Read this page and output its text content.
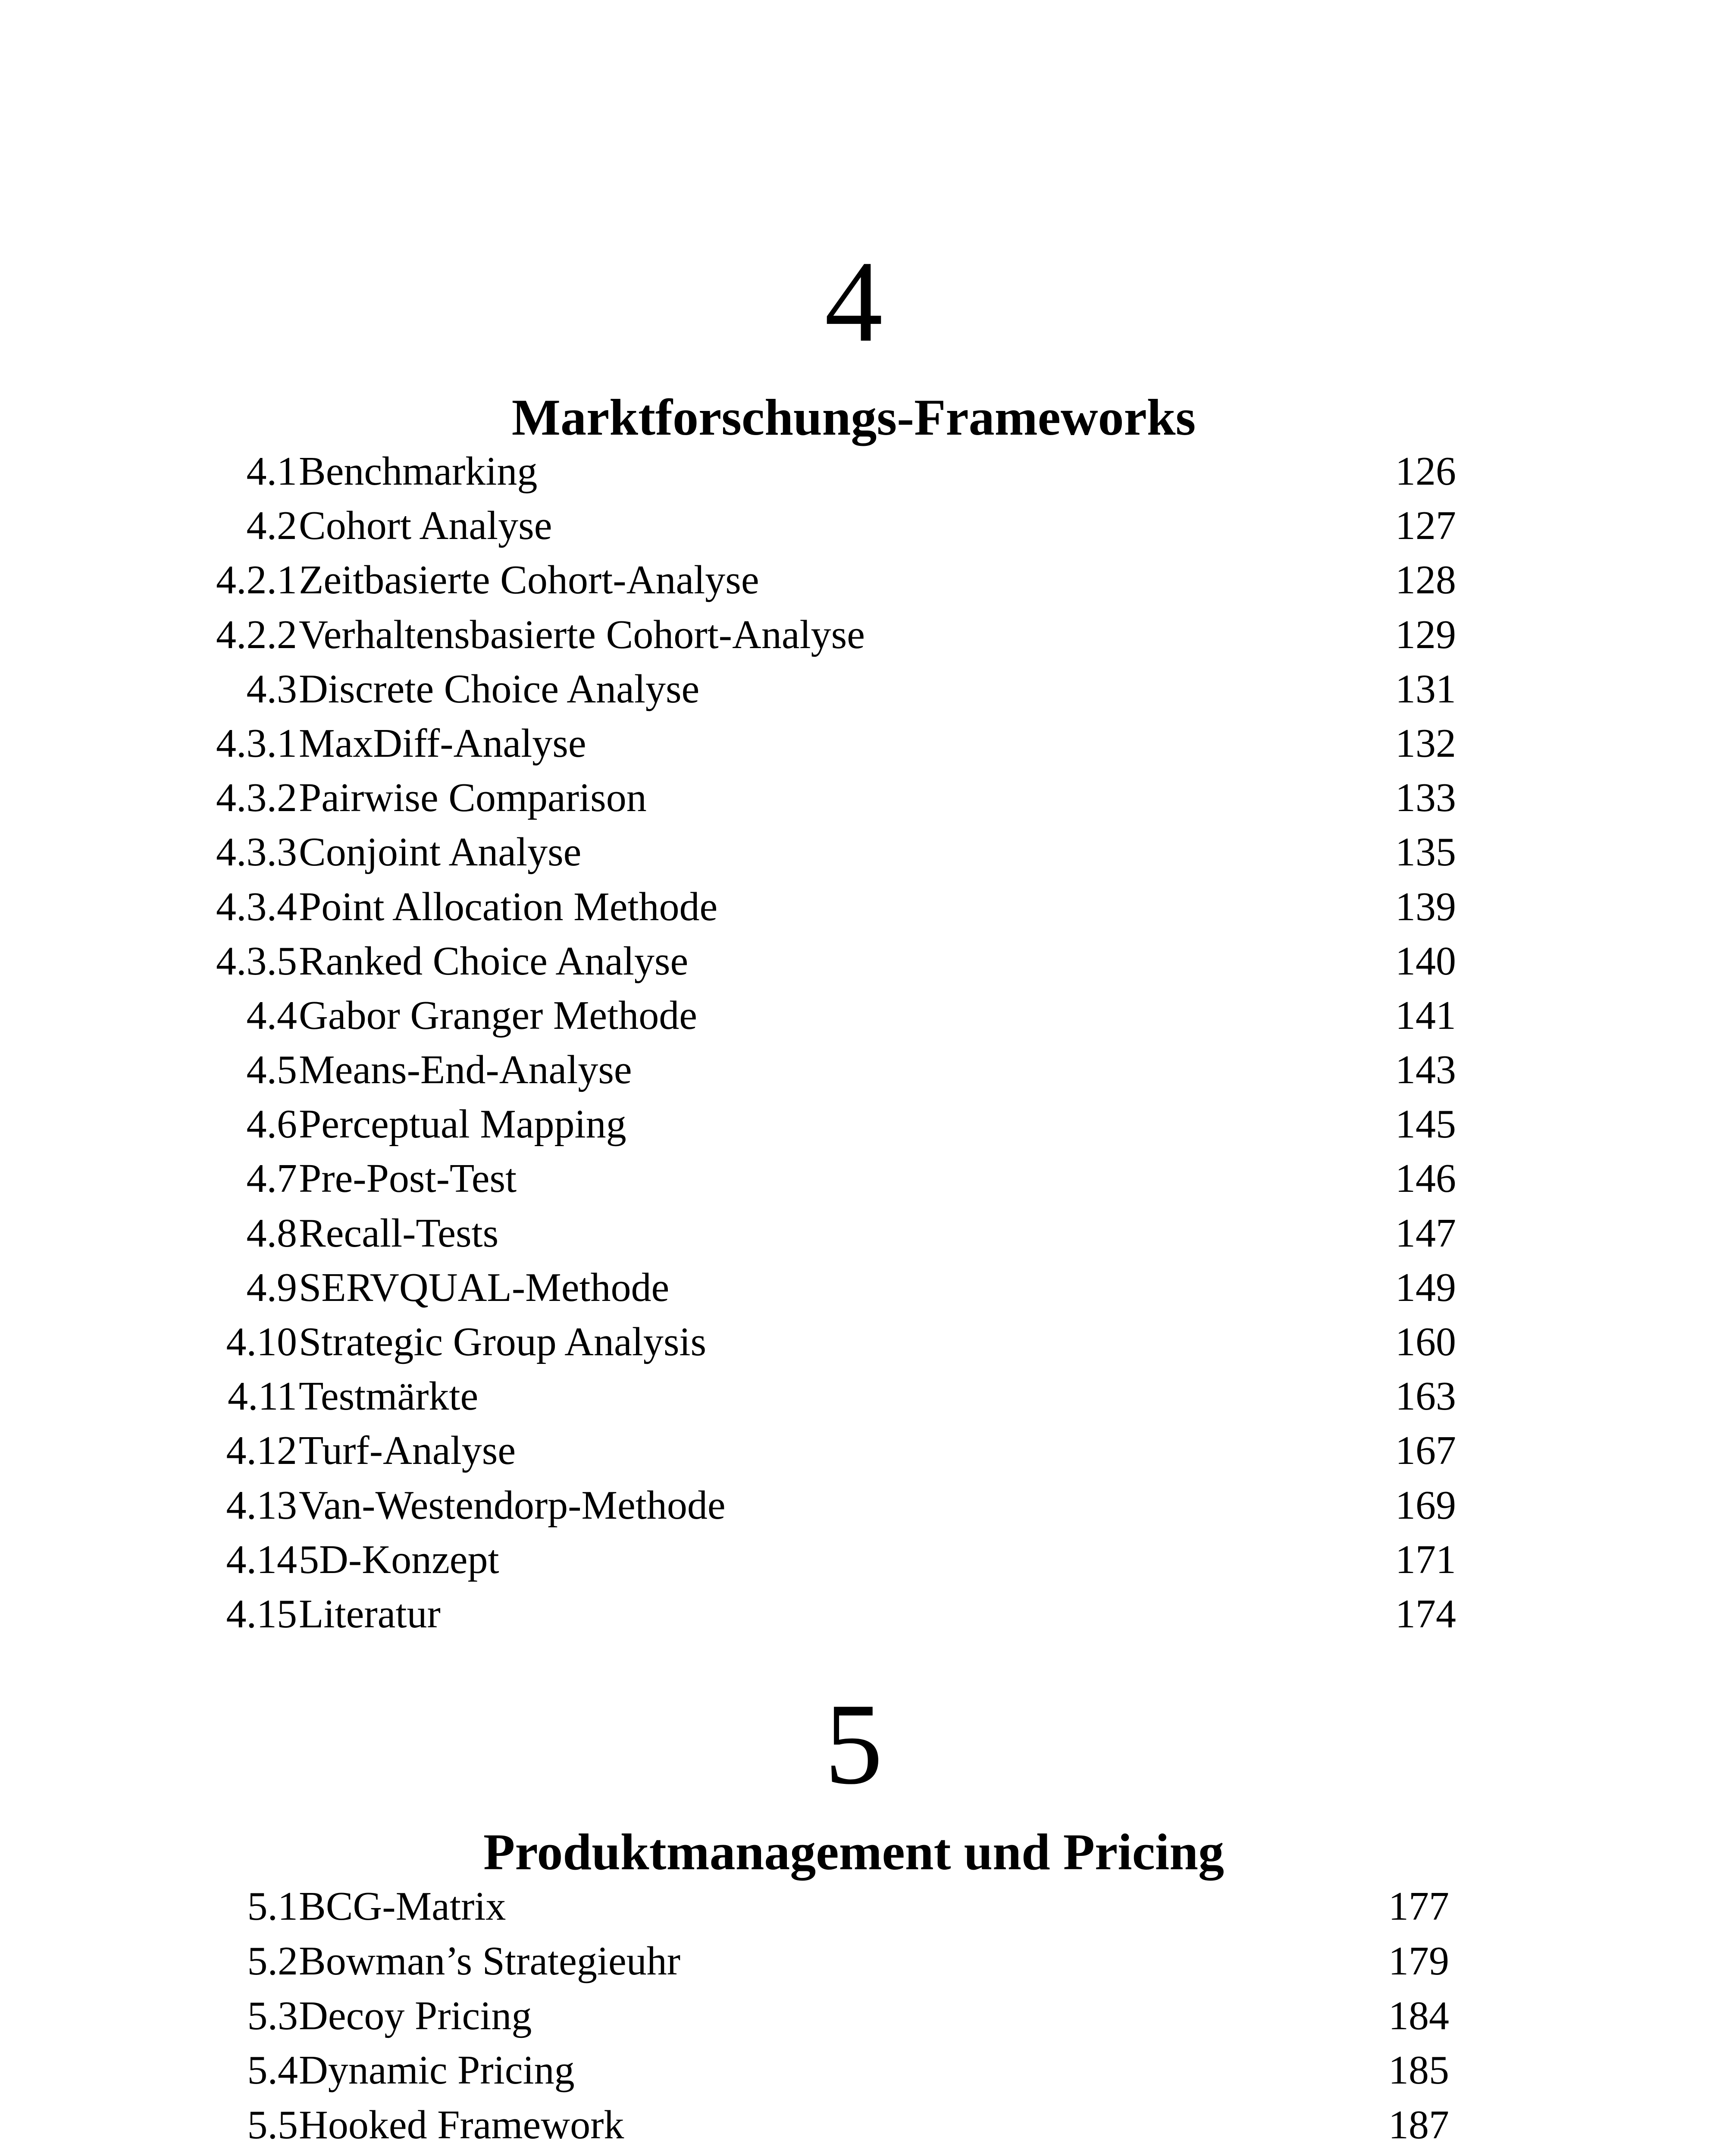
4
Marktforschungs-Frameworks
4.1 Benchmarking	126
4.2 Cohort Analyse	127
4.2.1 Zeitbasierte Cohort-Analyse	128
4.2.2 Verhaltensbasierte Cohort-Analyse	129
4.3 Discrete Choice Analyse	131
4.3.1 MaxDiff-Analyse	132
4.3.2 Pairwise Comparison	133
4.3.3 Conjoint Analyse	135
4.3.4 Point Allocation Methode	139
4.3.5 Ranked Choice Analyse	140
4.4 Gabor Granger Methode	141
4.5 Means-End-Analyse	143
4.6 Perceptual Mapping	145
4.7 Pre-Post-Test	146
4.8 Recall-Tests	147
4.9 SERVQUAL-Methode	149
4.10 Strategic Group Analysis	160
4.11 Testmärkte	163
4.12 Turf-Analyse	167
4.13 Van-Westendorp-Methode	169
4.14 5D-Konzept	171
4.15 Literatur	174
5
Produktmanagement und Pricing
5.1 BCG-Matrix	177
5.2 Bowman’s Strategieuhr	179
5.3 Decoy Pricing	184
5.4 Dynamic Pricing	185
5.5 Hooked Framework	187
